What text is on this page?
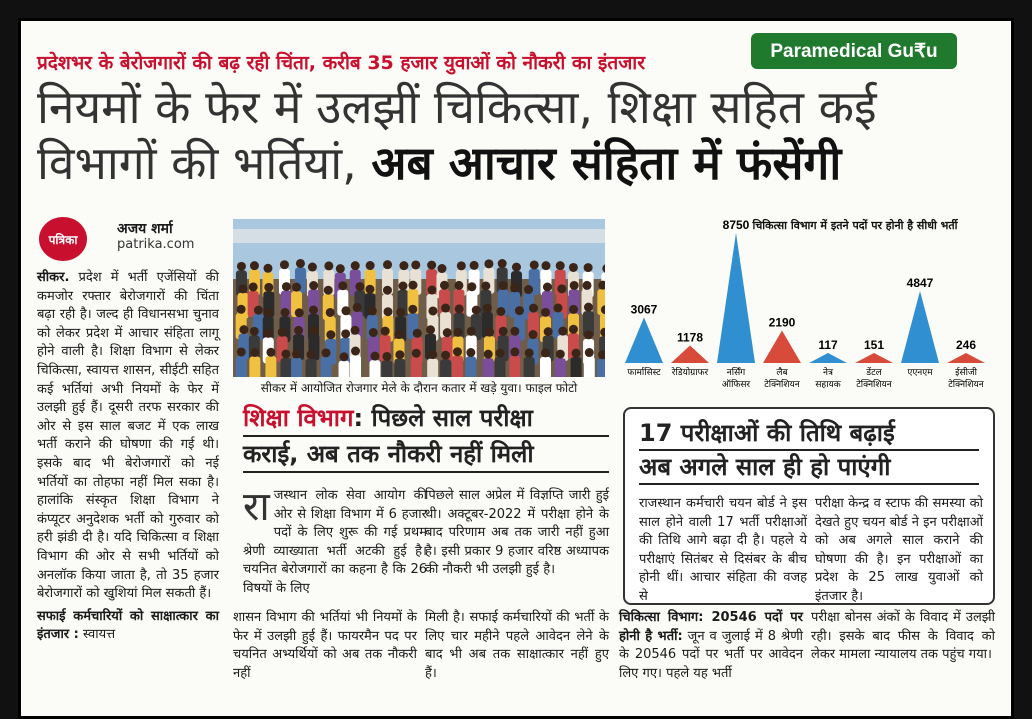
प्रदेशभर के बेरोजगारों की बढ़ रही चिंता, करीब 35 हजार युवाओं को नौकरी का इंतजार
Paramedical Gu₹u
नियमों के फेर में उलझीं चिकित्सा, शिक्षा सहित कई
विभागों की भर्तियां, अब आचार संहिता में फंसेंगी
पत्रिका
अजय शर्मा
patrika.com
सीकर. प्रदेश में भर्ती एजेंसियों की कमजोर रफ्तार बेरोजगारों की चिंता बढ़ा रही है। जल्द ही विधानसभा चुनाव को लेकर प्रदेश में आचार संहिता लागू होने वाली है। शिक्षा विभाग से लेकर चिकित्सा, स्वायत्त शासन, सीईटी सहित कई भर्तियां अभी नियमों के फेर में उलझी हुई हैं। दूसरी तरफ सरकार की ओर से इस साल बजट में एक लाख भर्ती कराने की घोषणा की गई थी। इसके बाद भी बेरोजगारों को नई भर्तियों का तोहफा नहीं मिल सका है। हालांकि संस्कृत शिक्षा विभाग ने कंप्यूटर अनुदेशक भर्ती को गुरुवार को हरी झंडी दी है। यदि चिकित्सा व शिक्षा विभाग की ओर से सभी भर्तियों को अनलॉक किया जाता है, तो 35 हजार बेरोजगारों को खुशियां मिल सकती हैं।
सफाई कर्मचारियों को साक्षात्कार का इंतजार : स्वायत्त
सीकर में आयोजित रोजगार मेले के दौरान कतार में खड़े युवा। फाइल फोटो
शिक्षा विभाग: पिछले साल परीक्षा
कराई, अब तक नौकरी नहीं मिली
राजस्थान लोक सेवा आयोग की ओर से शिक्षा विभाग में 6 हजार पदों के लिए शुरू की गई प्रथम श्रेणी व्याख्याता भर्ती अटकी हुई है। चयनित बेरोजगारों का कहना है कि 26 विषयों के लिए
पिछले साल अप्रेल में विज्ञप्ति जारी हुई थी। अक्टूबर-2022 में परीक्षा होने के बाद परिणाम अब तक जारी नहीं हुआ है। इसी प्रकार 9 हजार वरिष्ठ अध्यापक की नौकरी भी उलझी हुई है।
शासन विभाग की भर्तियां भी नियमों के फेर में उलझी हुई हैं। फायरमैन पद पर चयनित अभ्यर्थियों को अब तक नौकरी नहीं
मिली है। सफाई कर्मचारियों की भर्ती के लिए चार महीने पहले आवेदन लेने के बाद भी अब तक साक्षात्कार नहीं हुए हैं।
3067
फार्मासिस्ट
1178
रेडियोग्राफर
8750
नर्सिंग
ऑफिसर
2190
लैब
टेक्निशियन
117
नेत्र
सहायक
151
डेंटल
टेक्निशियन
4847
एएनएम
246
ईसीजी
टेक्निशियन
चिकित्सा विभाग में इतने पदों पर होनी है सीधी भर्ती
17 परीक्षाओं की तिथि बढ़ाई
अब अगले साल ही हो पाएंगी
राजस्थान कर्मचारी चयन बोर्ड ने इस साल होने वाली 17 भर्ती परीक्षाओं की तिथि आगे बढ़ा दी है। पहले ये परीक्षाएं सितंबर से दिसंबर के बीच होनी थीं। आचार संहिता की वजह से
परीक्षा केन्द्र व स्टाफ की समस्या को देखते हुए चयन बोर्ड ने इन परीक्षाओं को अब अगले साल कराने की घोषणा की है। इन परीक्षाओं का प्रदेश के 25 लाख युवाओं को इंतजार है।
चिकित्सा विभाग: 20546 पदों पर होनी है भर्ती: जून व जुलाई में 8 श्रेणी के 20546 पदों पर भर्ती पर आवेदन लिए गए। पहले यह भर्ती
परीक्षा बोनस अंकों के विवाद में उलझी रही। इसके बाद फीस के विवाद को लेकर मामला न्यायालय तक पहुंच गया।
